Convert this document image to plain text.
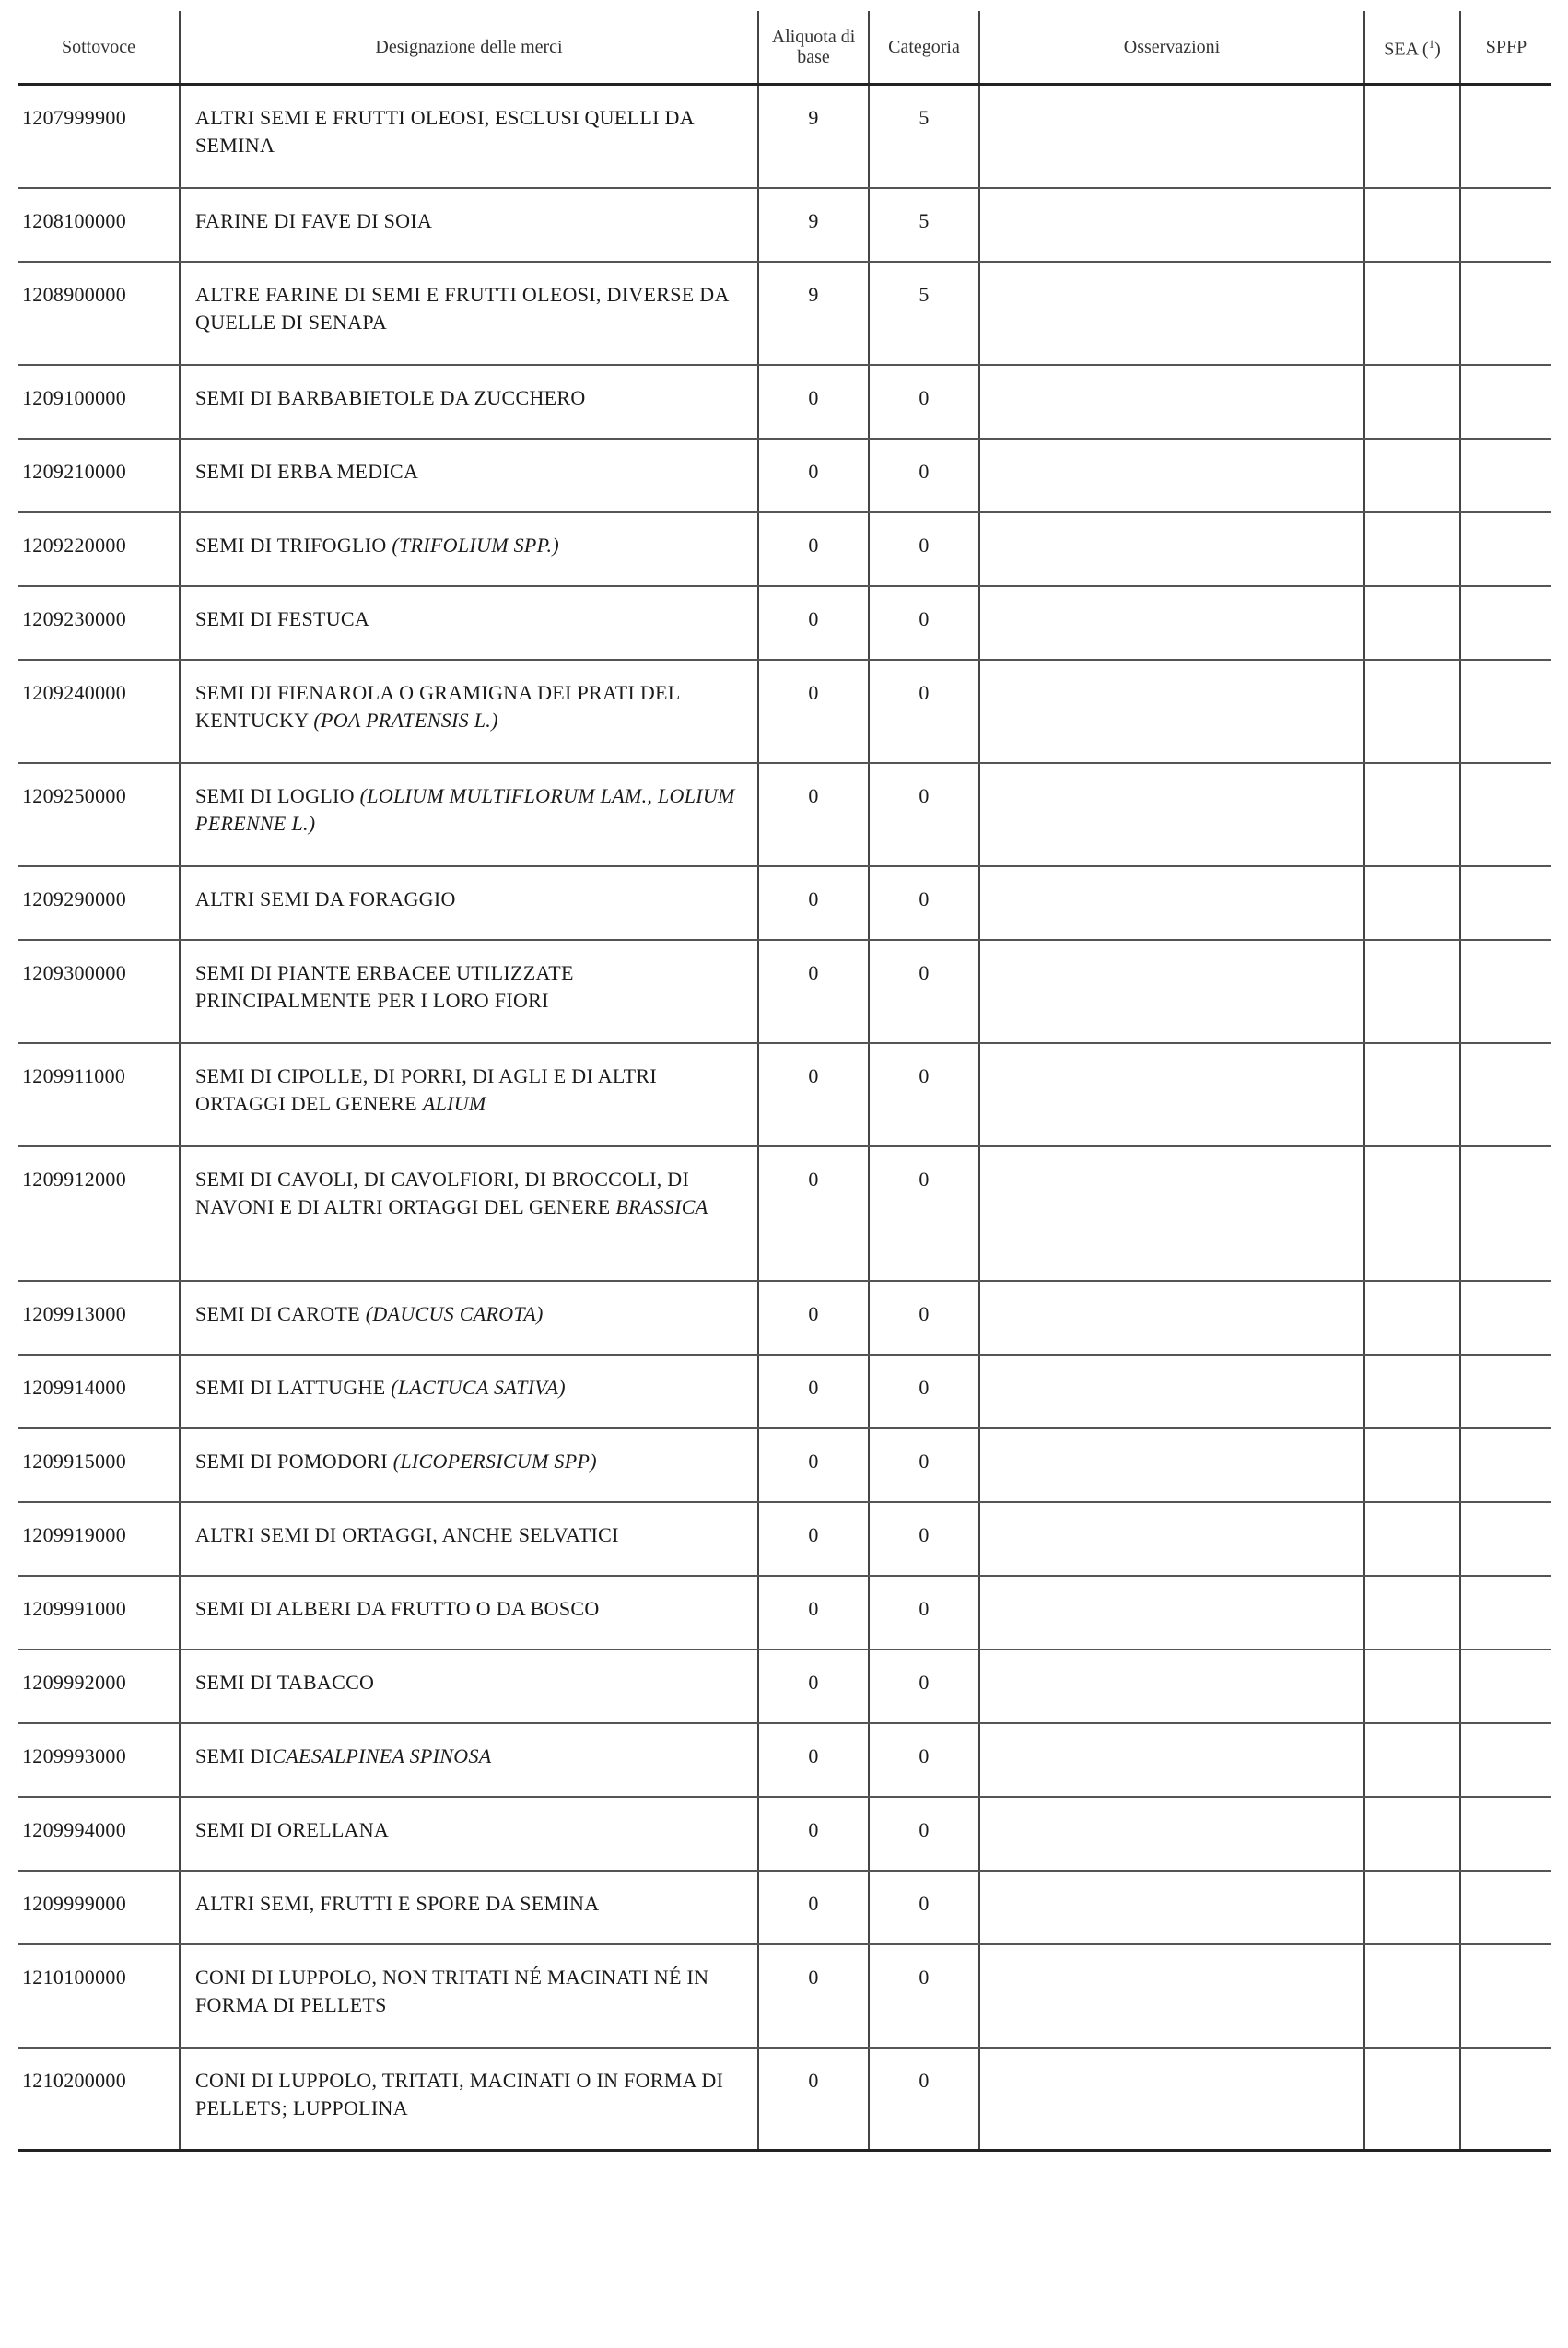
Sottovoce	Designazione delle merci	Aliquota di base	Categoria	Osservazioni	SEA ($^1$)	SPFP
1207999900	ALTRI SEMI E FRUTTI OLEOSI, ESCLUSI QUELLI DA SEMINA	9	5			
1208100000	FARINE DI FAVE DI SOIA	9	5			
1208900000	ALTRE FARINE DI SEMI E FRUTTI OLEOSI, DIVERSE DA QUELLE DI SENAPA	9	5			
1209100000	SEMI DI BARBABIETOLE DA ZUCCHERO	0	0			
1209210000	SEMI DI ERBA MEDICA	0	0			
1209220000	SEMI DI TRIFOGLIO (TRIFOLIUM SPP.)	0	0			
1209230000	SEMI DI FESTUCA	0	0			
1209240000	SEMI DI FIENAROLA O GRAMIGNA DEI PRATI DEL KENTUCKY (POA PRATENSIS L.)	0	0			
1209250000	SEMI DI LOGLIO (LOLIUM MULTIFLORUM LAM., LOLIUM PERENNE L.)	0	0			
1209290000	ALTRI SEMI DA FORAGGIO	0	0			
1209300000	SEMI DI PIANTE ERBACEE UTILIZZATE PRINCIPALMENTE PER I LORO FIORI	0	0			
1209911000	SEMI DI CIPOLLE, DI PORRI, DI AGLI E DI ALTRI ORTAGGI DEL GENERE ALIUM	0	0			
1209912000	SEMI DI CAVOLI, DI CAVOLFIORI, DI BROCCOLI, DI NAVONI E DI ALTRI ORTAGGI DEL GENERE BRASSICA	0	0			
1209913000	SEMI DI CAROTE (DAUCUS CAROTA)	0	0			
1209914000	SEMI DI LATTUGHE (LACTUCA SATIVA)	0	0			
1209915000	SEMI DI POMODORI (LICOPERSICUM SPP)	0	0			
1209919000	ALTRI SEMI DI ORTAGGI, ANCHE SELVATICI	0	0			
1209991000	SEMI DI ALBERI DA FRUTTO O DA BOSCO	0	0			
1209992000	SEMI DI TABACCO	0	0			
1209993000	SEMI DICAESALPINEA SPINOSA	0	0			
1209994000	SEMI DI ORELLANA	0	0			
1209999000	ALTRI SEMI, FRUTTI E SPORE DA SEMINA	0	0			
1210100000	CONI DI LUPPOLO, NON TRITATI NÉ MACINATI NÉ IN FORMA DI PELLETS	0	0			
1210200000	CONI DI LUPPOLO, TRITATI, MACINATI O IN FORMA DI PELLETS; LUPPOLINA	0	0			
